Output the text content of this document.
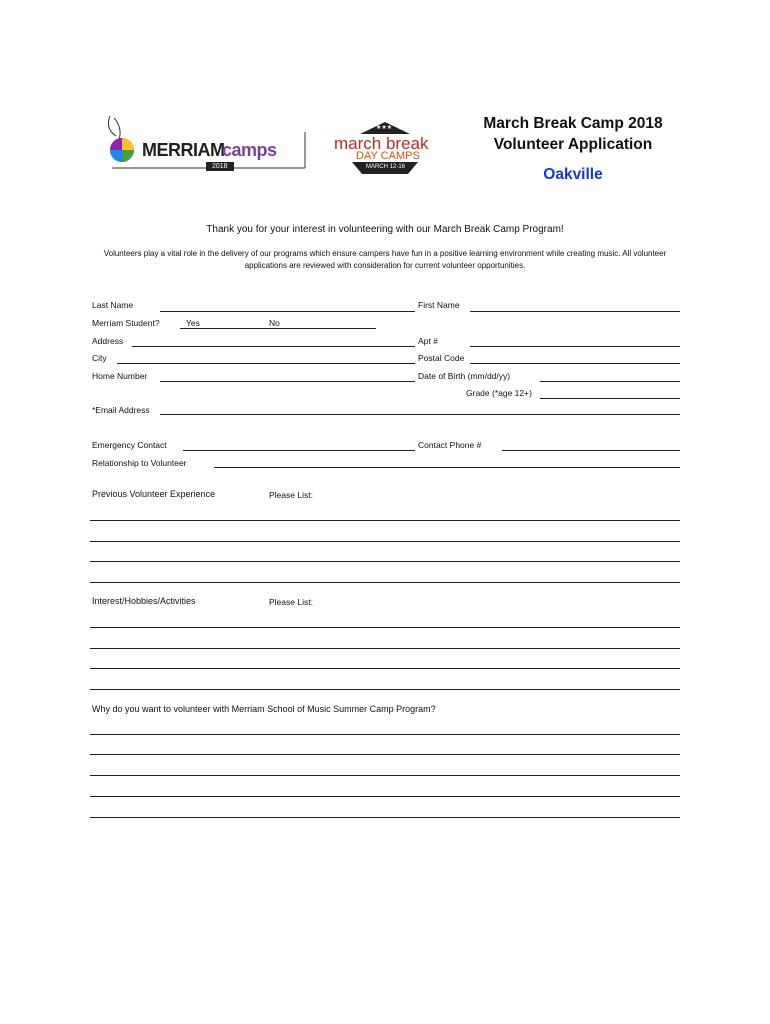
MERRIAM
camps
2018
★★★
march break
DAY CAMPS
MARCH 12-16
March Break Camp 2018
Volunteer Application
Oakville
Thank you for your interest in volunteering with our March Break Camp Program!
Volunteers play a vital role in the delivery of our programs which ensure campers have fun in a positive learning environment while creating music. All volunteer applications are reviewed with consideration for current volunteer opportunities.
Last Name	First Name
Merriam Student?	Yes	No
Address	Apt #
City	Postal Code
Home Number	Date of Birth (mm/dd/yy)
Grade (*age 12+)
*Email Address
Emergency Contact	Contact Phone #
Relationship to Volunteer
Previous Volunteer Experience	Please List:
Interest/Hobbies/Activities	Please List:
Why do you want to volunteer with Merriam School of Music Summer Camp Program?
